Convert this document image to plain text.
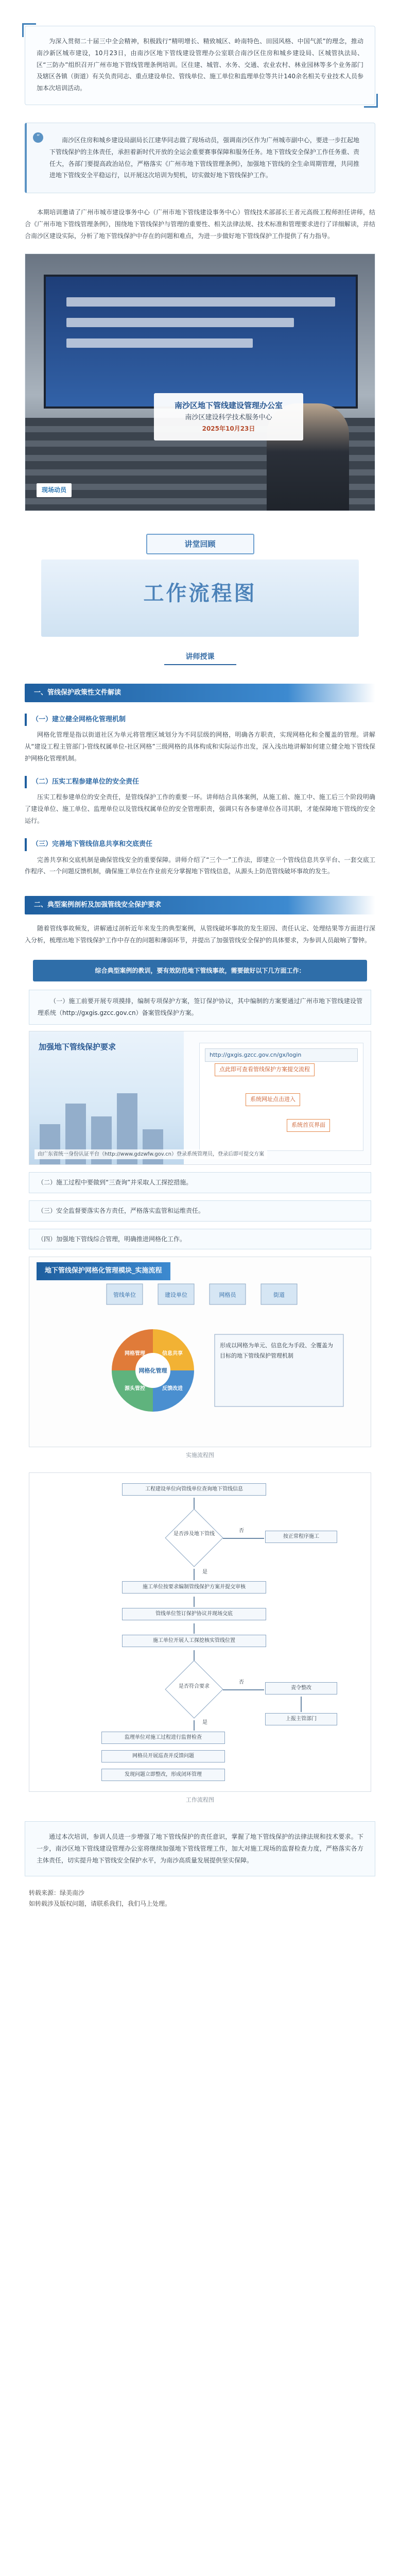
为深入贯彻二十届三中全会精神，积极践行“精明增长、精致城区、岭南特色、田园风格、中国气派”的理念，推动南沙新区城市建设，10月23日，由南沙区地下管线建设管理办公室联合南沙区住房和城乡建设局、区城管执法局、区“三防办”组织召开广州市地下管线管理条例培训。区住建、城管、水务、交通、农业农村、林业园林等多个业务部门及辖区各镇（街道）有关负责同志、重点建设单位、管线单位、施工单位和监理单位等共计140余名相关专业技术人员参加本次培训活动。

“	南沙区住房和城乡建设局副局长江建华同志做了现场动员，强调南沙区作为广州城市副中心，要进一步扛起地下管线保护的主体责任，承担着新时代开放的全运会重要赛事保障和服务任务。地下管线安全保护工作任务重、责任大，各部门要提高政治站位，严格落实《广州市地下管线管理条例》，加强地下管线的全生命周期管理，共同推进地下管线安全平稳运行，以开展这次培训为契机，切实做好地下管线保护工作。

本期培训邀请了广州市城市建设事务中心（广州市地下管线建设事务中心）管线技术部部长王者元高级工程师担任讲师，结合《广州市地下管线管理条例》，围绕地下管线保护与管理的重要性、相关法律法规、技术标准和管理要求进行了详细解读，并结合南沙区建设实际，分析了地下管线保护中存在的问题和难点，为进一步做好地下管线保护工作提供了有力指导。

南沙区地下管线建设管理办公室
南沙区建设科学技术服务中心
2025年10月23日
现场动员
讲堂回顾
工作流程图
讲师授课
一、管线保护政策性文件解读
（一）建立健全网格化管理机制

网格化管理是指以街道社区为单元将管理区域划分为不同层级的网格，明确各方职责，实现网格化和全覆盖的管理。讲解从“建设工程主管部门-管线权属单位-社区网格”三级网格的具体构成和实际运作出发，深入浅出地讲解如何建立健全地下管线保护网格化管理机制。

（二）压实工程参建单位的安全责任

压实工程参建单位的安全责任，是管线保护工作的重要一环。讲师结合具体案例，从施工前、施工中、施工后三个阶段明确了建设单位、施工单位、监理单位以及管线权属单位的安全管理职责，强调只有各参建单位各司其职，才能保障地下管线的安全运行。

（三）完善地下管线信息共享和交底责任

完善共享和交底机制是确保管线安全的重要保障。讲师介绍了“三个一”工作法，即建立一个管线信息共享平台、一套交底工作程序、一个问题反馈机制，确保施工单位在作业前充分掌握地下管线信息，从源头上防范管线破坏事故的发生。

二、典型案例剖析及加强管线安全保护要求

随着管线事故频发，讲解通过剖析近年来发生的典型案例，从管线破坏事故的发生原因、责任认定、处理结果等方面进行深入分析，梳理出地下管线保护工作中存在的问题和薄弱环节，并提出了加强管线安全保护的具体要求，为参训人员敲响了警钟。

综合典型案例的教训，要有效防范地下管线事故，需要做好以下几方面工作：

（一）施工前要开展专项摸排，编制专项保护方案，签订保护协议，其中编制的方案要通过广州市地下管线建设管理系统（http://gxgis.gzcc.gov.cn）备案管线保护方案。

加强地下管线保护要求
http://gxgis.gzcc.gov.cn/gx/login
点此即可查看管线保护方案提交流程
系统网址点击进入
系统首页界面
由广东省统一身份认证平台（http://www.gdzwfw.gov.cn）登录系统管理员，登录后即可提交方案

（二）施工过程中要做到“三查询”并采取人工探挖措施。

（三）安全监督要落实各方责任，严格落实监管和运维责任。

（四）加强地下管线综合管理，明确推进网格化工作。

地下管线保护网格化管理模块_实施流程
管线单位	建设单位	网格员	街道
网格化管理
网格管理	信息共享
反馈改进
源头管控
形成以网格为单元、信息化为手段、全覆盖为目标的地下管线保护管理机制
实施流程图
工程建设单位向管线单位查询地下管线信息
是否涉及地下管线
否
按正常程序施工
是
施工单位按要求编制管线保护方案并提交审核
管线单位签订保护协议并现场交底
施工单位开展人工探挖核实管线位置
是否符合要求
否
责令整改
上报主管部门
是
监理单位对施工过程进行监督检查
网格员开展巡查并反馈问题
发现问题立即整改，形成闭环管理
工作流程图

通过本次培训，参训人员进一步增强了地下管线保护的责任意识，掌握了地下管线保护的法律法规和技术要求。下一步，南沙区地下管线建设管理办公室将继续加强地下管线管理工作，加大对施工现场的监督检查力度，严格落实各方主体责任，切实提升地下管线安全保护水平，为南沙高质量发展提供坚实保障。

转载来源：绿美南沙
如转载涉及版权问题，请联系我们，我们马上处理。
